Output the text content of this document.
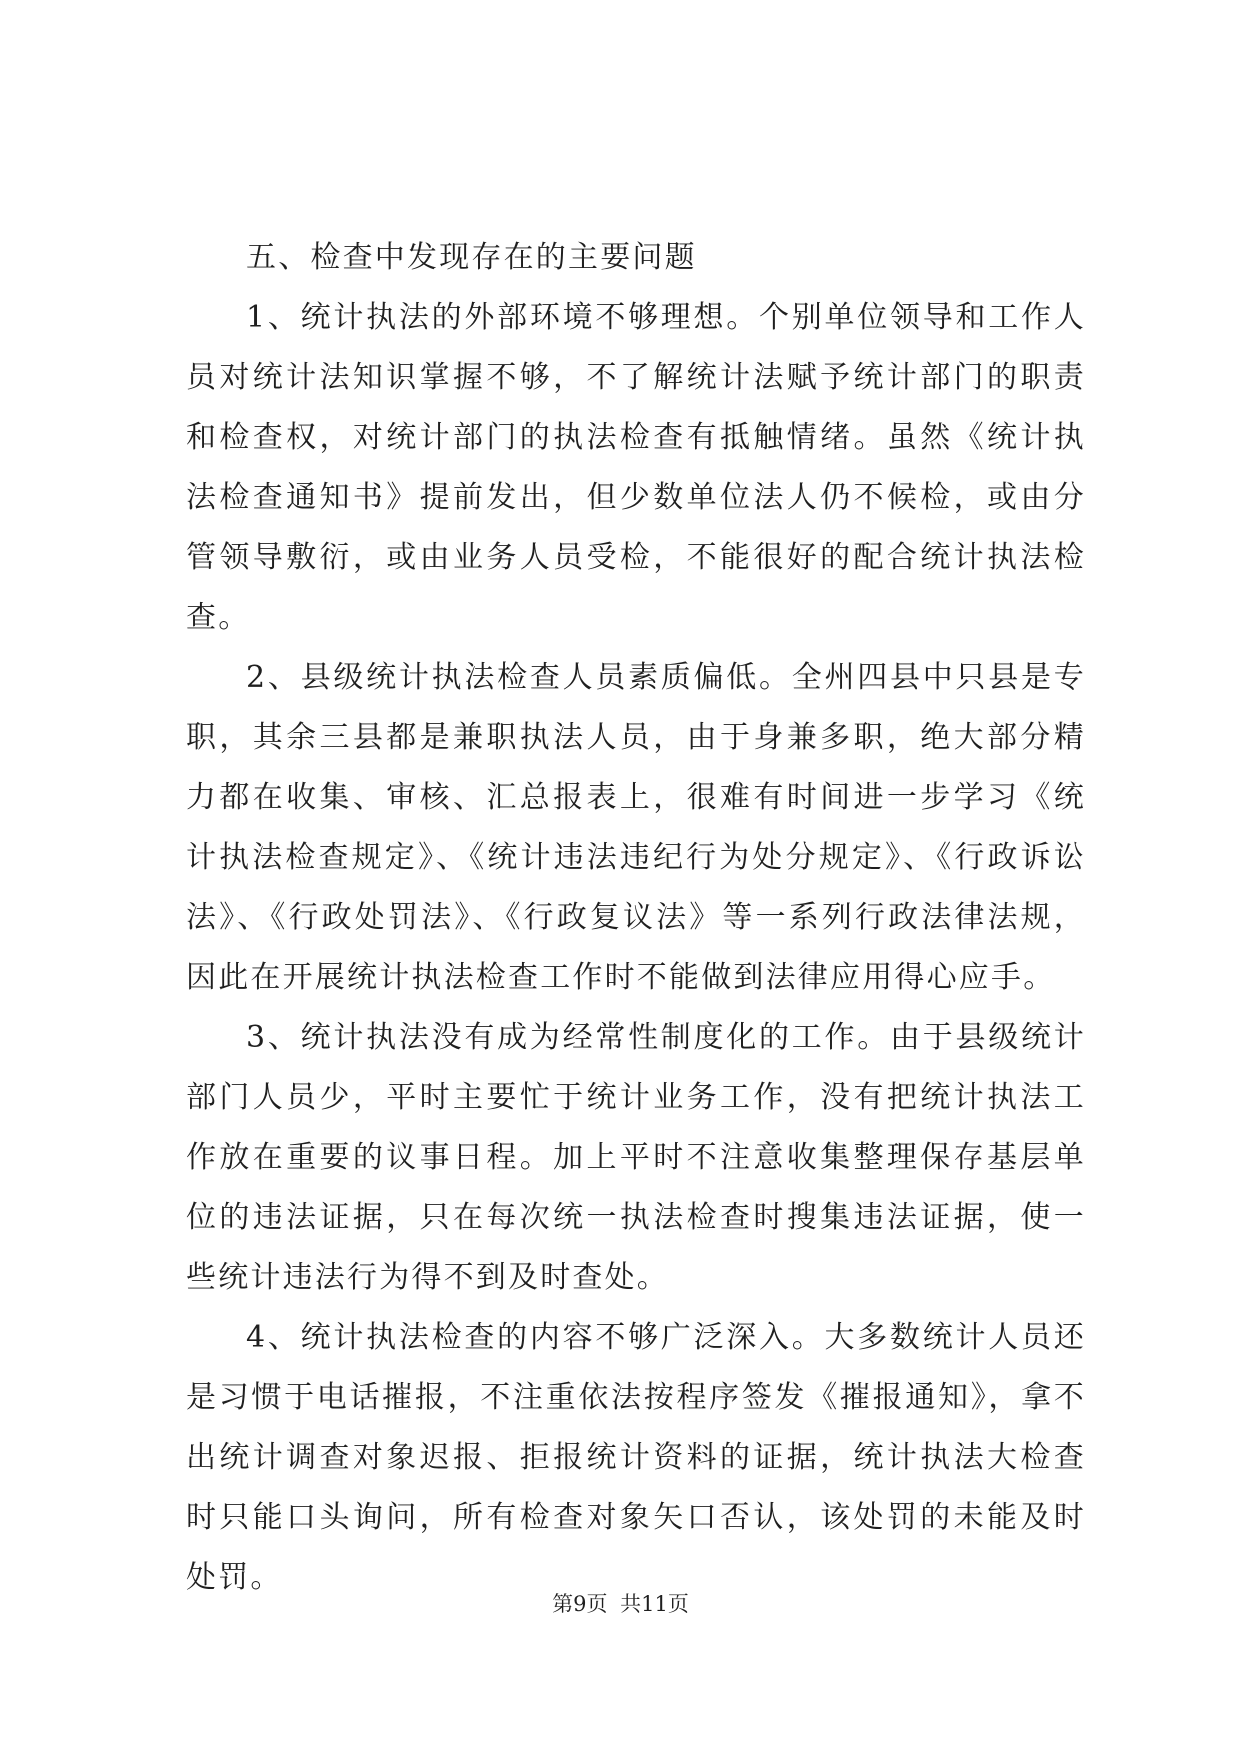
五、检查中发现存在的主要问题

1、统计执法的外部环境不够理想。个别单位领导和工作人员对统计法知识掌握不够，不了解统计法赋予统计部门的职责和检查权，对统计部门的执法检查有抵触情绪。虽然《统计执法检查通知书》提前发出，但少数单位法人仍不候检，或由分管领导敷衍，或由业务人员受检，不能很好的配合统计执法检查。

2、县级统计执法检查人员素质偏低。全州四县中只县是专职，其余三县都是兼职执法人员，由于身兼多职，绝大部分精力都在收集、审核、汇总报表上，很难有时间进一步学习《统计执法检查规定》、《统计违法违纪行为处分规定》、《行政诉讼法》、《行政处罚法》、《行政复议法》等一系列行政法律法规，因此在开展统计执法检查工作时不能做到法律应用得心应手。

3、统计执法没有成为经常性制度化的工作。由于县级统计部门人员少，平时主要忙于统计业务工作，没有把统计执法工作放在重要的议事日程。加上平时不注意收集整理保存基层单位的违法证据，只在每次统一执法检查时搜集违法证据，使一些统计违法行为得不到及时查处。

4、统计执法检查的内容不够广泛深入。大多数统计人员还是习惯于电话摧报，不注重依法按程序签发《摧报通知》，拿不出统计调查对象迟报、拒报统计资料的证据，统计执法大检查时只能口头询问，所有检查对象矢口否认，该处罚的未能及时处罚。

第9页 共11页
